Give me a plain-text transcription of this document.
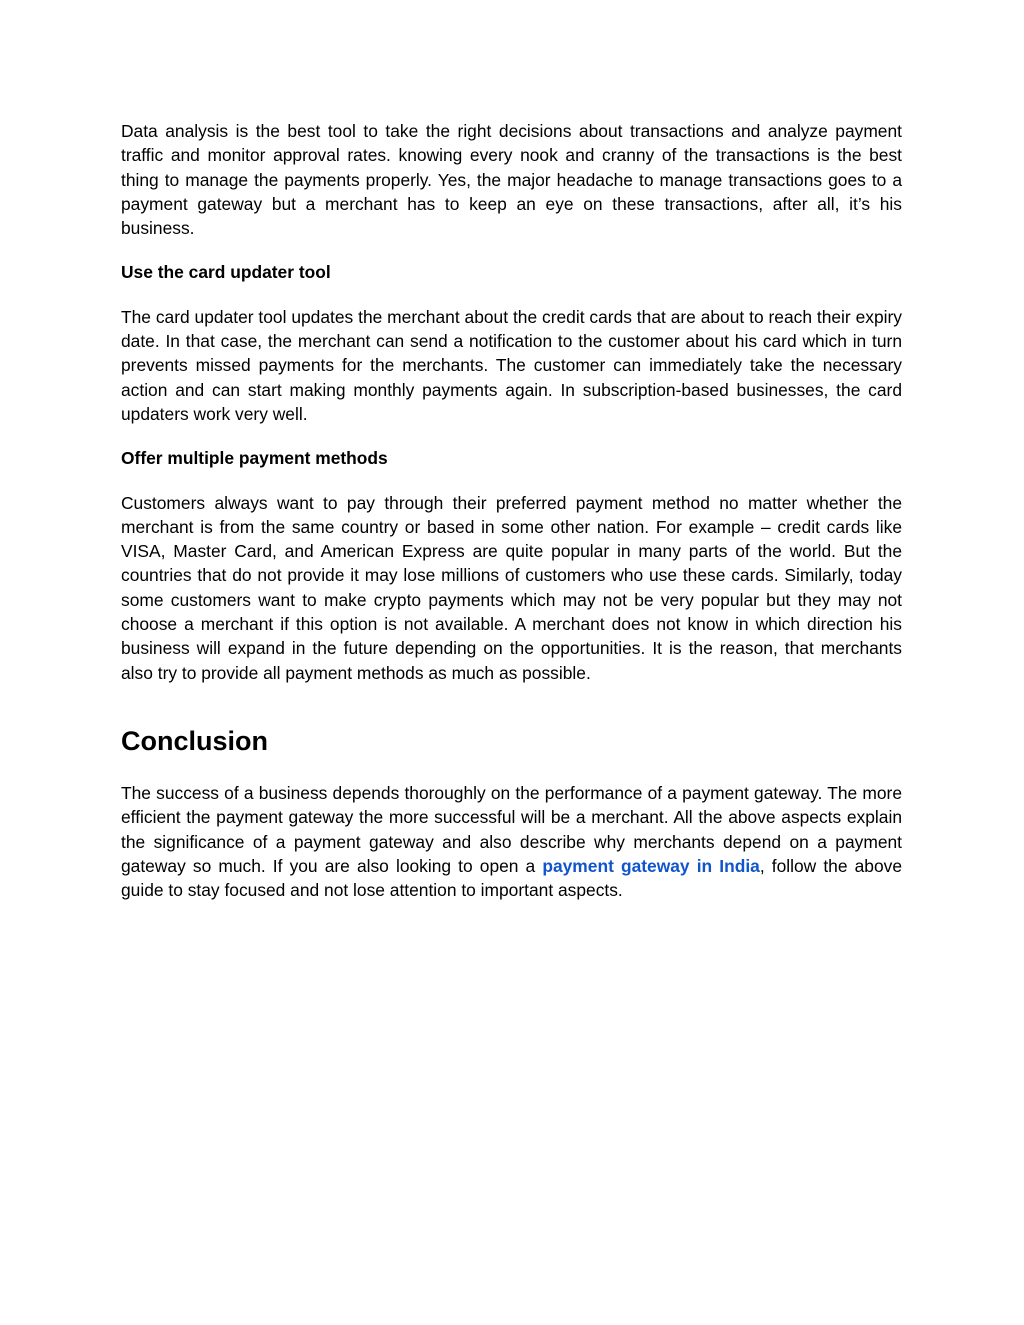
Data analysis is the best tool to take the right decisions about transactions and analyze payment traffic and monitor approval rates. knowing every nook and cranny of the transactions is the best thing to manage the payments properly. Yes, the major headache to manage transactions goes to a payment gateway but a merchant has to keep an eye on these transactions, after all, it’s his business.

Use the card updater tool

The card updater tool updates the merchant about the credit cards that are about to reach their expiry date. In that case, the merchant can send a notification to the customer about his card which in turn prevents missed payments for the merchants. The customer can immediately take the necessary action and can start making monthly payments again. In subscription-based businesses, the card updaters work very well.

Offer multiple payment methods

Customers always want to pay through their preferred payment method no matter whether the merchant is from the same country or based in some other nation. For example – credit cards like VISA, Master Card, and American Express are quite popular in many parts of the world. But the countries that do not provide it may lose millions of customers who use these cards. Similarly, today some customers want to make crypto payments which may not be very popular but they may not choose a merchant if this option is not available. A merchant does not know in which direction his business will expand in the future depending on the opportunities. It is the reason, that merchants also try to provide all payment methods as much as possible.

Conclusion

The success of a business depends thoroughly on the performance of a payment gateway. The more efficient the payment gateway the more successful will be a merchant. All the above aspects explain the significance of a payment gateway and also describe why merchants depend on a payment gateway so much. If you are also looking to open a payment gateway in India, follow the above guide to stay focused and not lose attention to important aspects.
